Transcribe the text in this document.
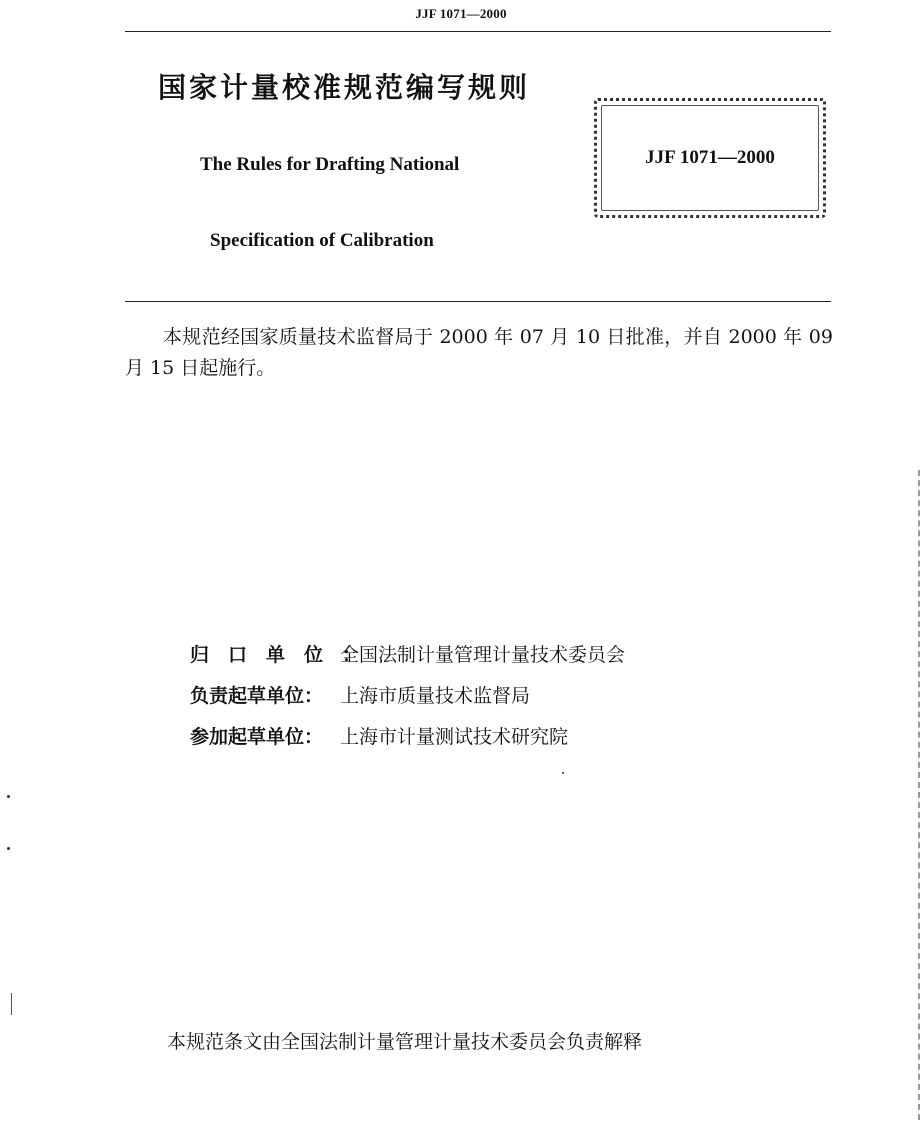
JJF 1071—2000
国家计量校准规范编写规则
The Rules for Drafting National
Specification of Calibration
JJF 1071—2000
本规范经国家质量技术监督局于 2000 年 07 月 10 日批准，并自 2000 年 09 月 15 日起施行。
归口单位：
全国法制计量管理计量技术委员会
负责起草单位： 上海市质量技术监督局
参加起草单位： 上海市计量测试技术研究院
本规范条文由全国法制计量管理计量技术委员会负责解释
